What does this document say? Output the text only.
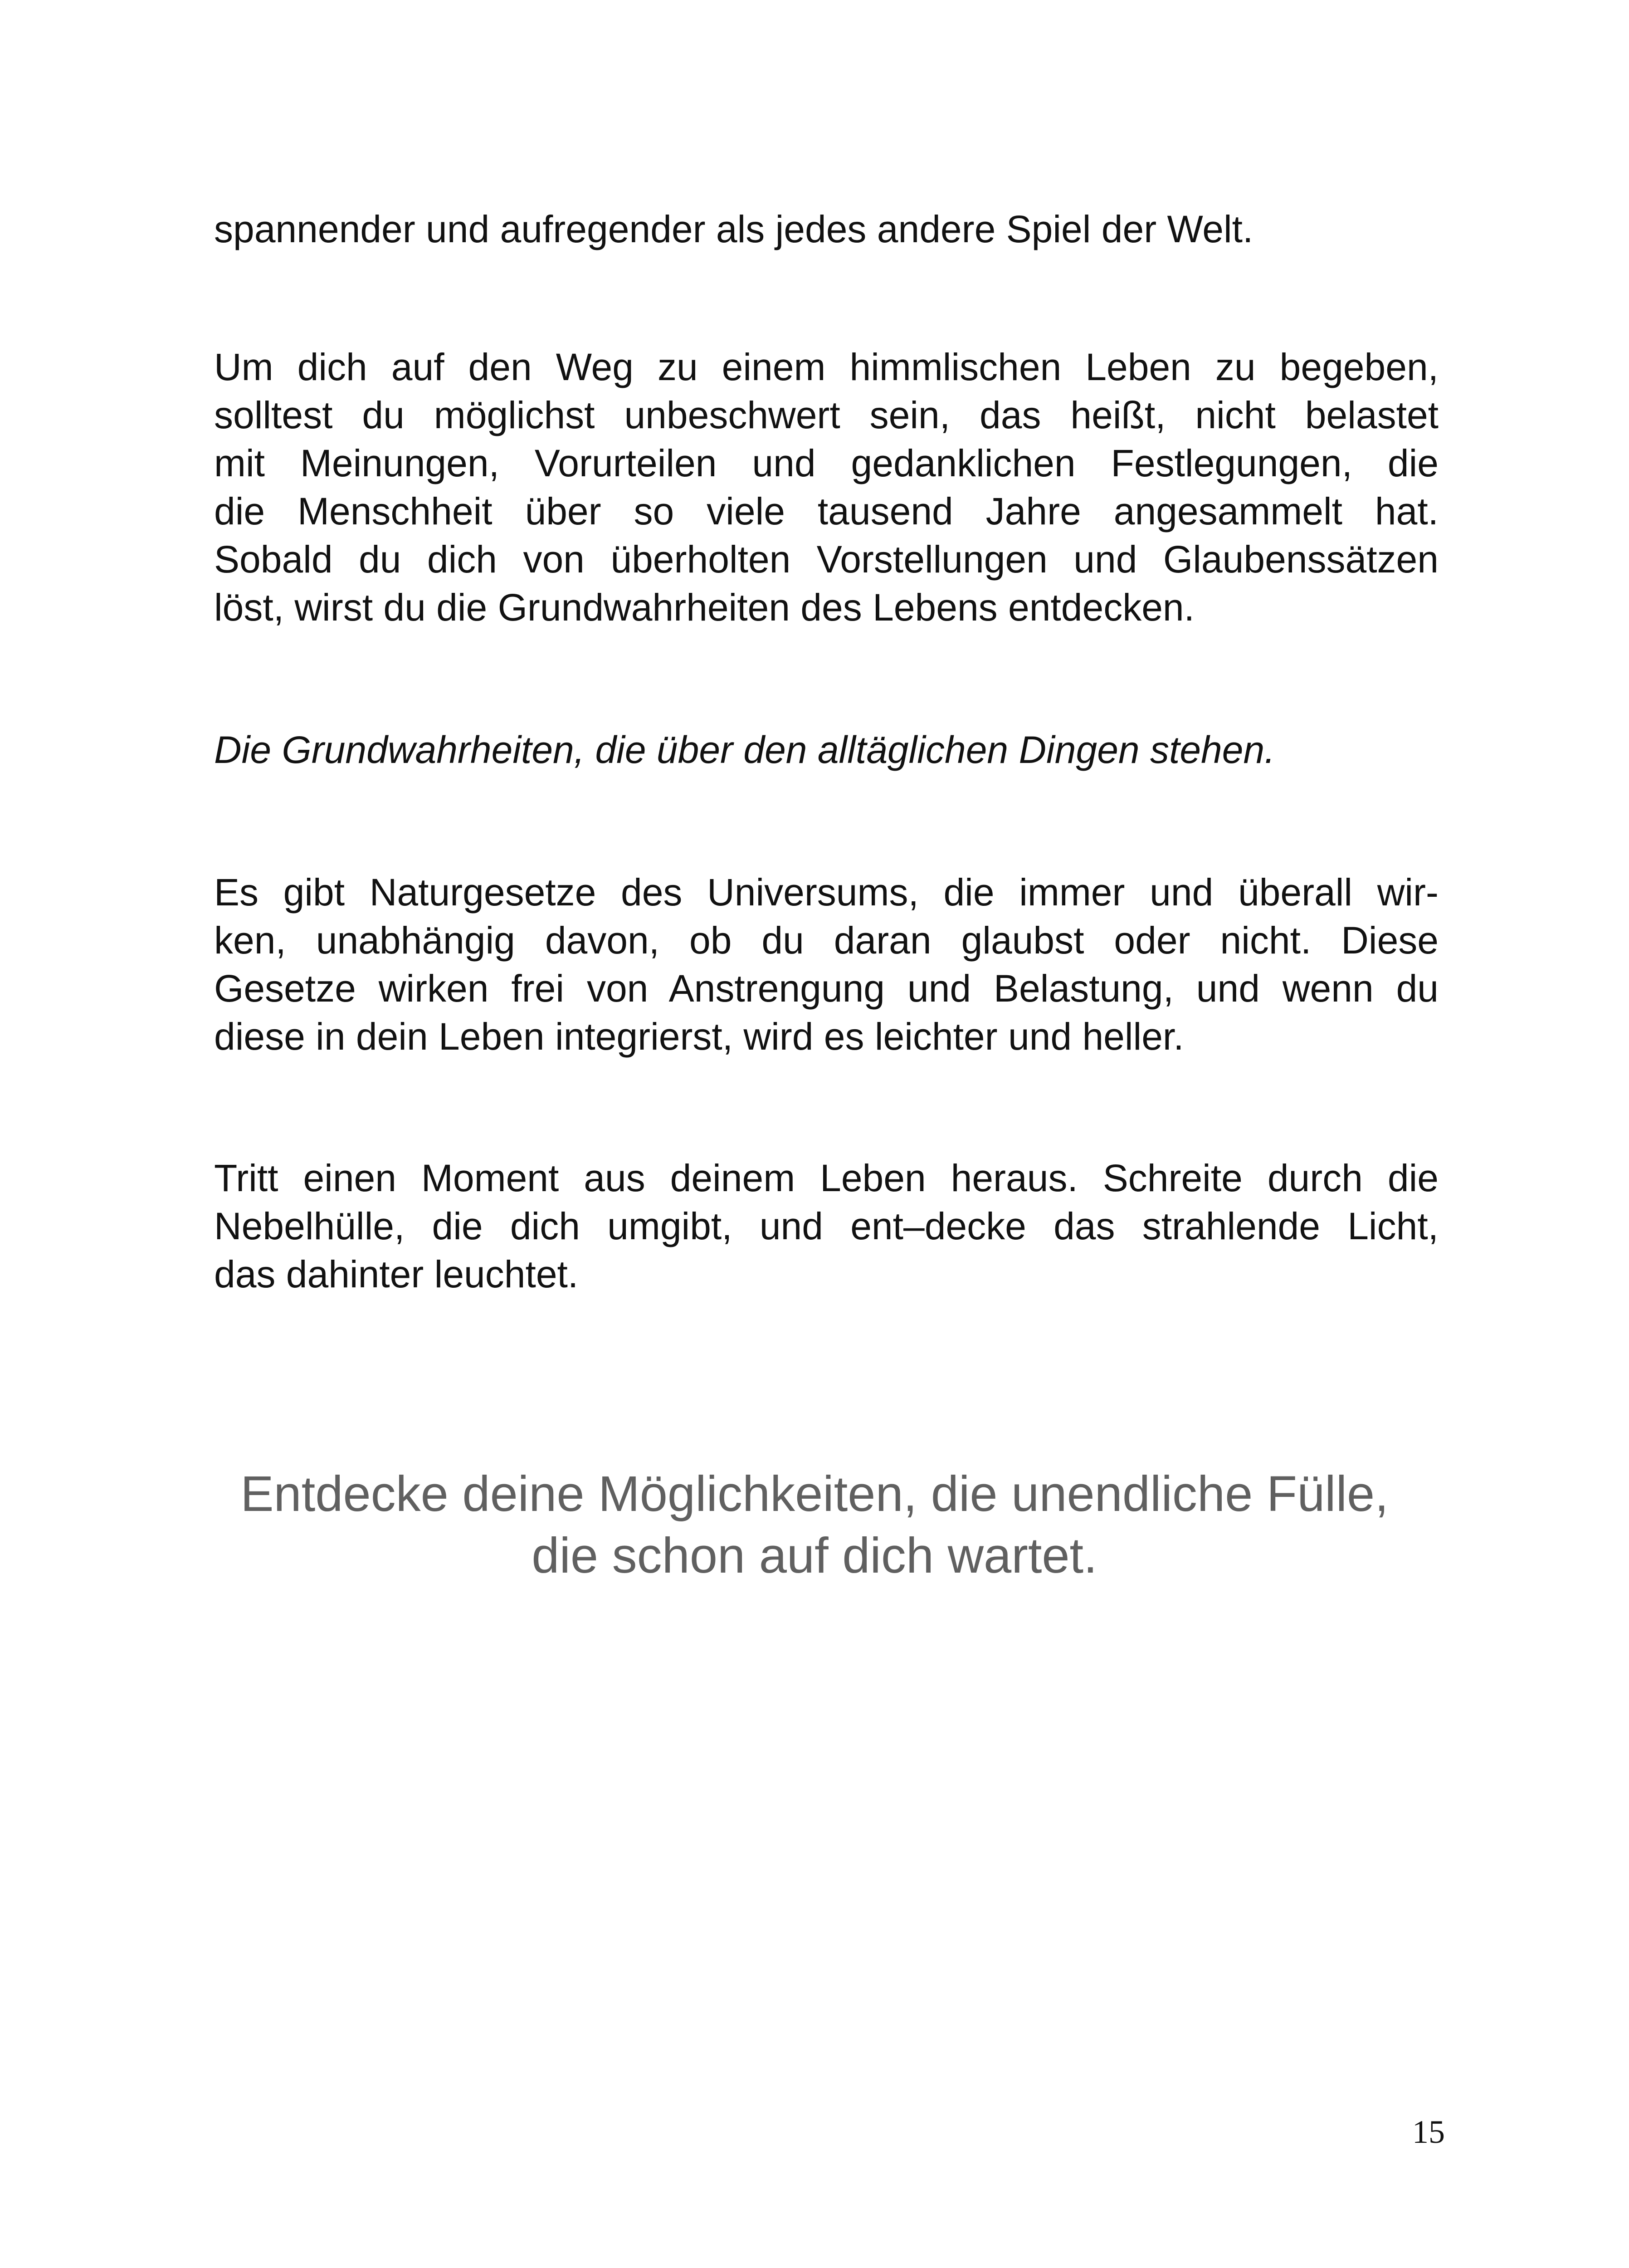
spannender und aufregender als jedes andere Spiel der Welt.
Um dich auf den Weg zu einem himmlischen Leben zu begeben,
solltest du möglichst unbeschwert sein, das heißt, nicht belastet
mit Meinungen, Vorurteilen und gedanklichen Festlegungen, die
die Menschheit über so viele tausend Jahre angesammelt hat.
Sobald du dich von überholten Vorstellungen und Glaubenssätzen
löst, wirst du die Grundwahrheiten des Lebens entdecken.
Die Grundwahrheiten, die über den alltäglichen Dingen stehen.
Es gibt Naturgesetze des Universums, die immer und überall wir-
ken, unabhängig davon, ob du daran glaubst oder nicht. Diese
Gesetze wirken frei von Anstrengung und Belastung, und wenn du
diese in dein Leben integrierst, wird es leichter und heller.
Tritt einen Moment aus deinem Leben heraus. Schreite durch die
Nebelhülle, die dich umgibt, und ent–decke das strahlende Licht,
das dahinter leuchtet.
Entdecke deine Möglichkeiten, die unendliche Fülle,
die schon auf dich wartet.
15
